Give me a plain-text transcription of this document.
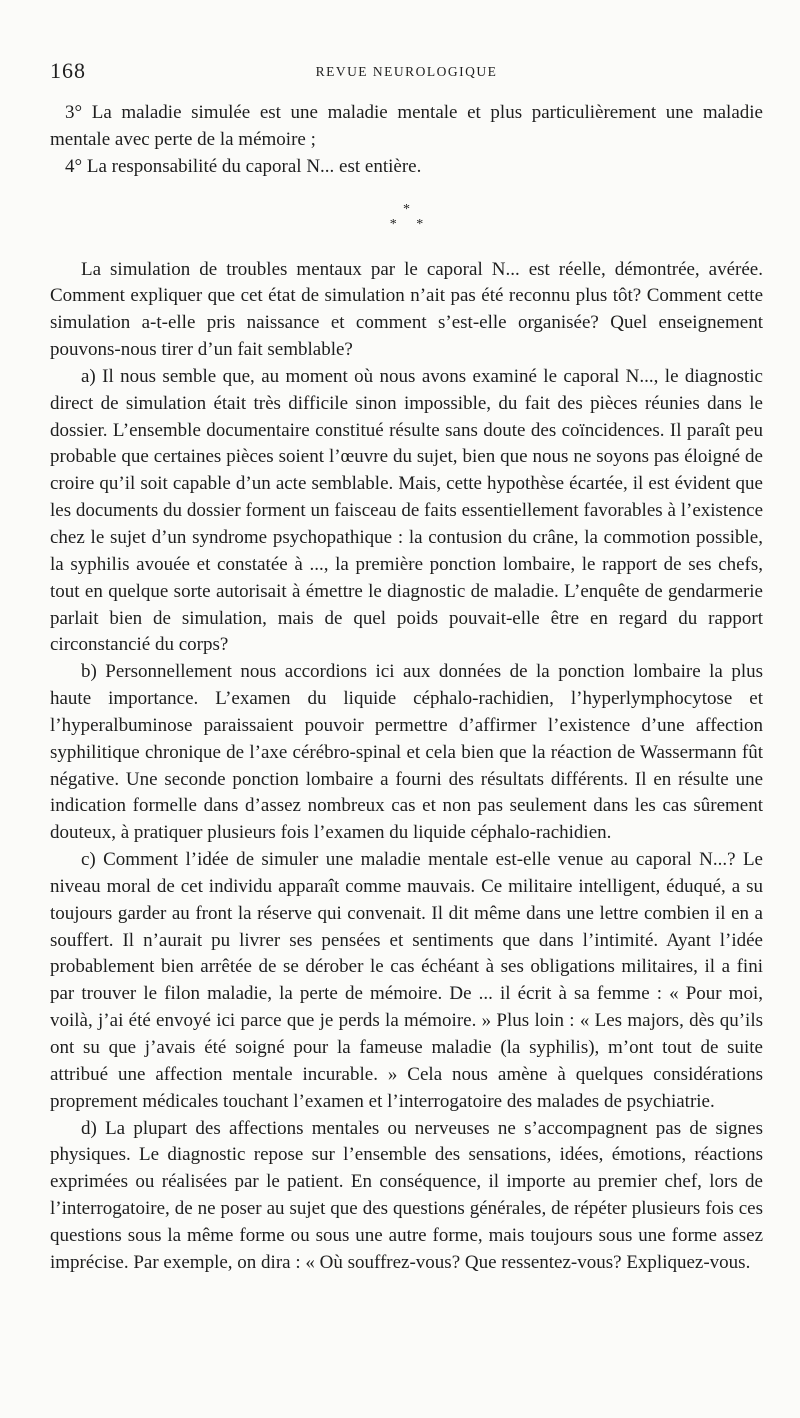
168	REVUE NEUROLOGIQUE

3° La maladie simulée est une maladie mentale et plus particulièrement une maladie mentale avec perte de la mémoire ;

4° La responsabilité du caporal N... est entière.

*
* *

La simulation de troubles mentaux par le caporal N... est réelle, démontrée, avérée. Comment expliquer que cet état de simulation n’ait pas été reconnu plus tôt? Comment cette simulation a-t-elle pris naissance et comment s’est-elle organisée? Quel enseignement pouvons-nous tirer d’un fait semblable?

a) Il nous semble que, au moment où nous avons examiné le caporal N..., le diagnostic direct de simulation était très difficile sinon impossible, du fait des pièces réunies dans le dossier. L’ensemble documentaire constitué résulte sans doute des coïncidences. Il paraît peu probable que certaines pièces soient l’œuvre du sujet, bien que nous ne soyons pas éloigné de croire qu’il soit capable d’un acte semblable. Mais, cette hypothèse écartée, il est évident que les documents du dossier forment un faisceau de faits essentiellement favorables à l’existence chez le sujet d’un syndrome psychopathique : la contusion du crâne, la commotion possible, la syphilis avouée et constatée à ..., la première ponction lombaire, le rapport de ses chefs, tout en quelque sorte autorisait à émettre le diagnostic de maladie. L’enquête de gendarmerie parlait bien de simulation, mais de quel poids pouvait-elle être en regard du rapport circonstancié du corps?

b) Personnellement nous accordions ici aux données de la ponction lombaire la plus haute importance. L’examen du liquide céphalo-rachidien, l’hyperlymphocytose et l’hyperalbuminose paraissaient pouvoir permettre d’affirmer l’existence d’une affection syphilitique chronique de l’axe cérébro-spinal et cela bien que la réaction de Wassermann fût négative. Une seconde ponction lombaire a fourni des résultats différents. Il en résulte une indication formelle dans d’assez nombreux cas et non pas seulement dans les cas sûrement douteux, à pratiquer plusieurs fois l’examen du liquide céphalo-rachidien.

c) Comment l’idée de simuler une maladie mentale est-elle venue au caporal N...? Le niveau moral de cet individu apparaît comme mauvais. Ce militaire intelligent, éduqué, a su toujours garder au front la réserve qui convenait. Il dit même dans une lettre combien il en a souffert. Il n’aurait pu livrer ses pensées et sentiments que dans l’intimité. Ayant l’idée probablement bien arrêtée de se dérober le cas échéant à ses obligations militaires, il a fini par trouver le filon maladie, la perte de mémoire. De ... il écrit à sa femme : « Pour moi, voilà, j’ai été envoyé ici parce que je perds la mémoire. » Plus loin : « Les majors, dès qu’ils ont su que j’avais été soigné pour la fameuse maladie (la syphilis), m’ont tout de suite attribué une affection mentale incurable. » Cela nous amène à quelques considérations proprement médicales touchant l’examen et l’interrogatoire des malades de psychiatrie.

d) La plupart des affections mentales ou nerveuses ne s’accompagnent pas de signes physiques. Le diagnostic repose sur l’ensemble des sensations, idées, émotions, réactions exprimées ou réalisées par le patient. En conséquence, il importe au premier chef, lors de l’interrogatoire, de ne poser au sujet que des questions générales, de répéter plusieurs fois ces questions sous la même forme ou sous une autre forme, mais toujours sous une forme assez imprécise. Par exemple, on dira : « Où souffrez-vous? Que ressentez-vous? Expliquez-vous.
